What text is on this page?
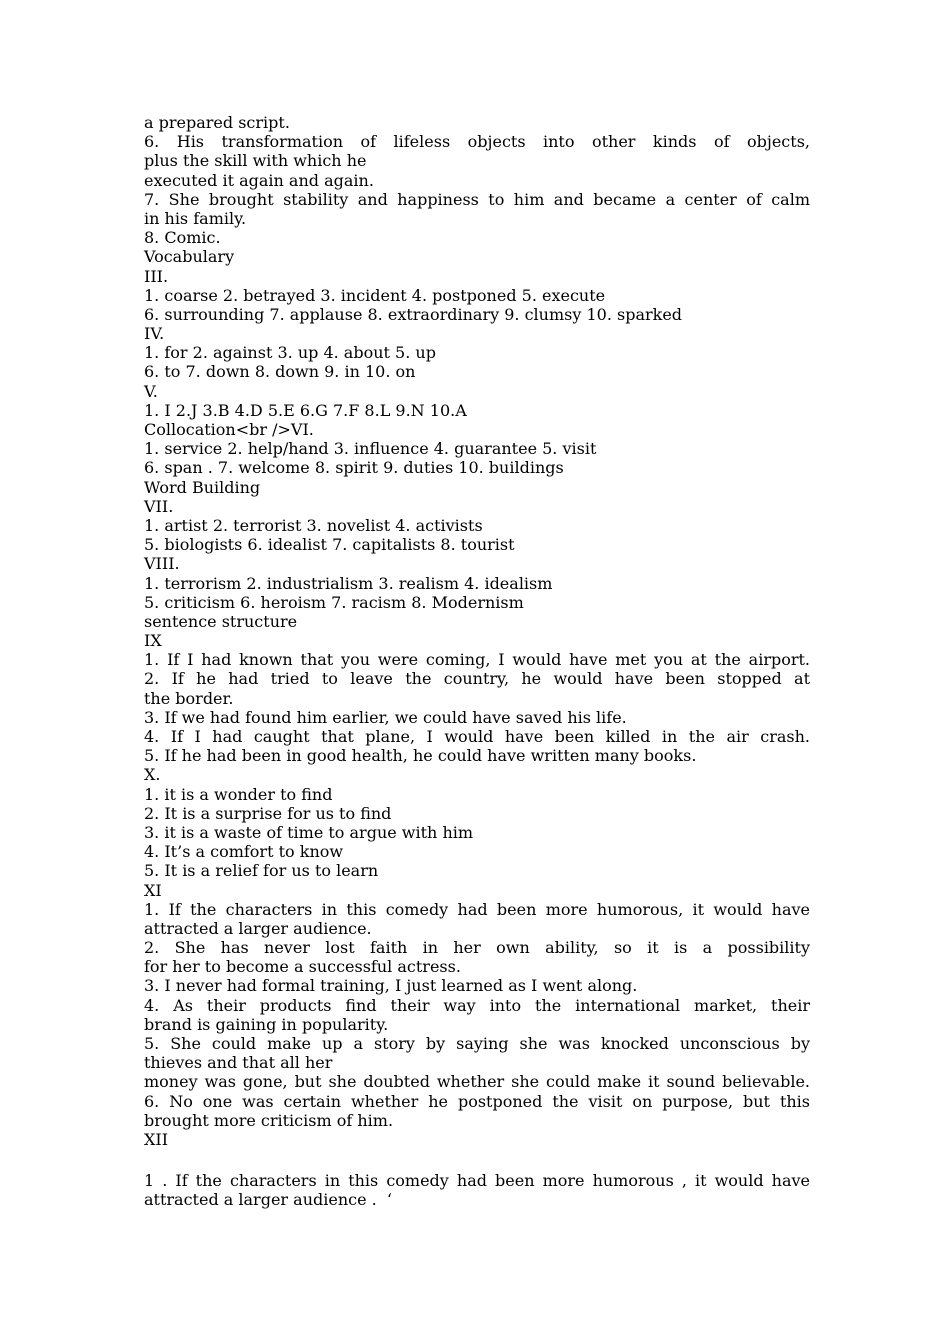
a prepared script.
6. His transformation of lifeless objects into other kinds of objects,
plus the skill with which he
executed it again and again.
7. She brought stability and happiness to him and became a center of calm
in his family.
8. Comic.
Vocabulary
III.
1. coarse 2. betrayed 3. incident 4. postponed 5. execute
6. surrounding 7. applause 8. extraordinary 9. clumsy 10. sparked
IV.
1. for 2. against 3. up 4. about 5. up
6. to 7. down 8. down 9. in 10. on
V.
1. I 2.J 3.B 4.D 5.E 6.G 7.F 8.L 9.N 10.A
Collocation<br />VI.
1. service 2. help/hand 3. influence 4. guarantee 5. visit
6. span . 7. welcome 8. spirit 9. duties 10. buildings
Word Building
VII.
1. artist 2. terrorist 3. novelist 4. activists
5. biologists 6. idealist 7. capitalists 8. tourist
VIII.
1. terrorism 2. industrialism 3. realism 4. idealism
5. criticism 6. heroism 7. racism 8. Modernism
sentence structure
IX
1. If I had known that you were coming, I would have met you at the airport.
2. If he had tried to leave the country, he would have been stopped at
the border.
3. If we had found him earlier, we could have saved his life.
4. If I had caught that plane, I would have been killed in the air crash.
5. If he had been in good health, he could have written many books.
X.
1. it is a wonder to find
2. It is a surprise for us to find
3. it is a waste of time to argue with him
4. It’s a comfort to know
5. It is a relief for us to learn
XI
1. If the characters in this comedy had been more humorous, it would have
attracted a larger audience.
2. She has never lost faith in her own ability, so it is a possibility
for her to become a successful actress.
3. I never had formal training, I just learned as I went along.
4. As their products find their way into the international market, their
brand is gaining in popularity.
5. She could make up a story by saying she was knocked unconscious by
thieves and that all her
money was gone, but she doubted whether she could make it sound believable.
6. No one was certain whether he postponed the visit on purpose, but this
brought more criticism of him.
XII
1 . If the characters in this comedy had been more humorous , it would have
attracted a larger audience .  ‘
